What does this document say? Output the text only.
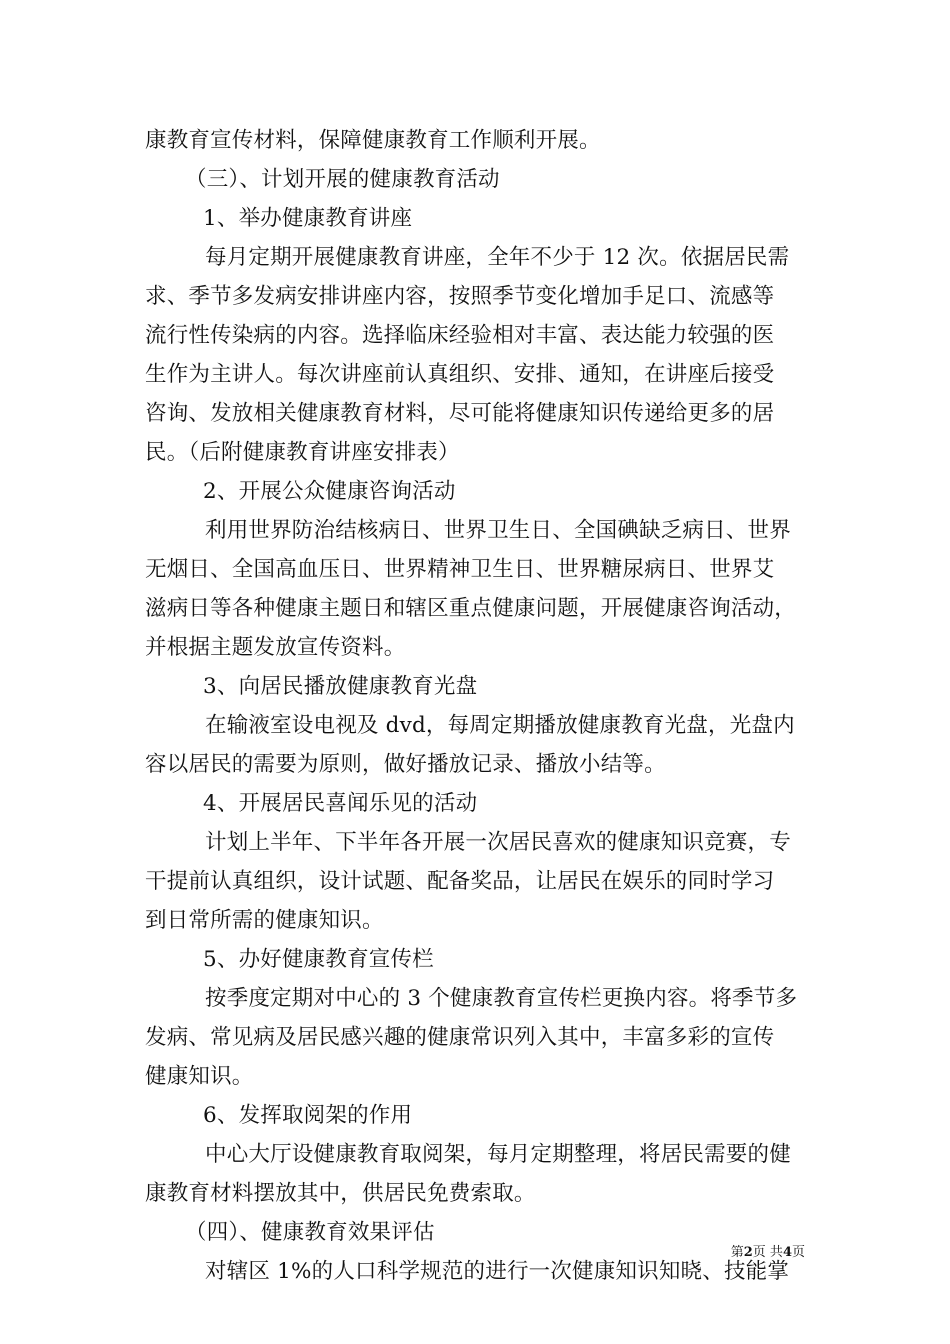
康教育宣传材料，保障健康教育工作顺利开展。
（三）、计划开展的健康教育活动
1、举办健康教育讲座
每月定期开展健康教育讲座，全年不少于 12 次。依据居民需
求、季节多发病安排讲座内容，按照季节变化增加手足口、流感等
流行性传染病的内容。选择临床经验相对丰富、表达能力较强的医
生作为主讲人。每次讲座前认真组织、安排、通知，在讲座后接受
咨询、发放相关健康教育材料，尽可能将健康知识传递给更多的居
民。（后附健康教育讲座安排表）
2、开展公众健康咨询活动
利用世界防治结核病日、世界卫生日、全国碘缺乏病日、世界
无烟日、全国高血压日、世界精神卫生日、世界糖尿病日、世界艾
滋病日等各种健康主题日和辖区重点健康问题，开展健康咨询活动，
并根据主题发放宣传资料。
3、向居民播放健康教育光盘
在输液室设电视及 dvd，每周定期播放健康教育光盘，光盘内
容以居民的需要为原则，做好播放记录、播放小结等。
4、开展居民喜闻乐见的活动
计划上半年、下半年各开展一次居民喜欢的健康知识竞赛，专
干提前认真组织，设计试题、配备奖品，让居民在娱乐的同时学习
到日常所需的健康知识。
5、办好健康教育宣传栏
按季度定期对中心的 3 个健康教育宣传栏更换内容。将季节多
发病、常见病及居民感兴趣的健康常识列入其中，丰富多彩的宣传
健康知识。
6、发挥取阅架的作用
中心大厅设健康教育取阅架，每月定期整理，将居民需要的健
康教育材料摆放其中，供居民免费索取。
（四）、健康教育效果评估
对辖区 1%的人口科学规范的进行一次健康知识知晓、技能掌
第2页 共4页
